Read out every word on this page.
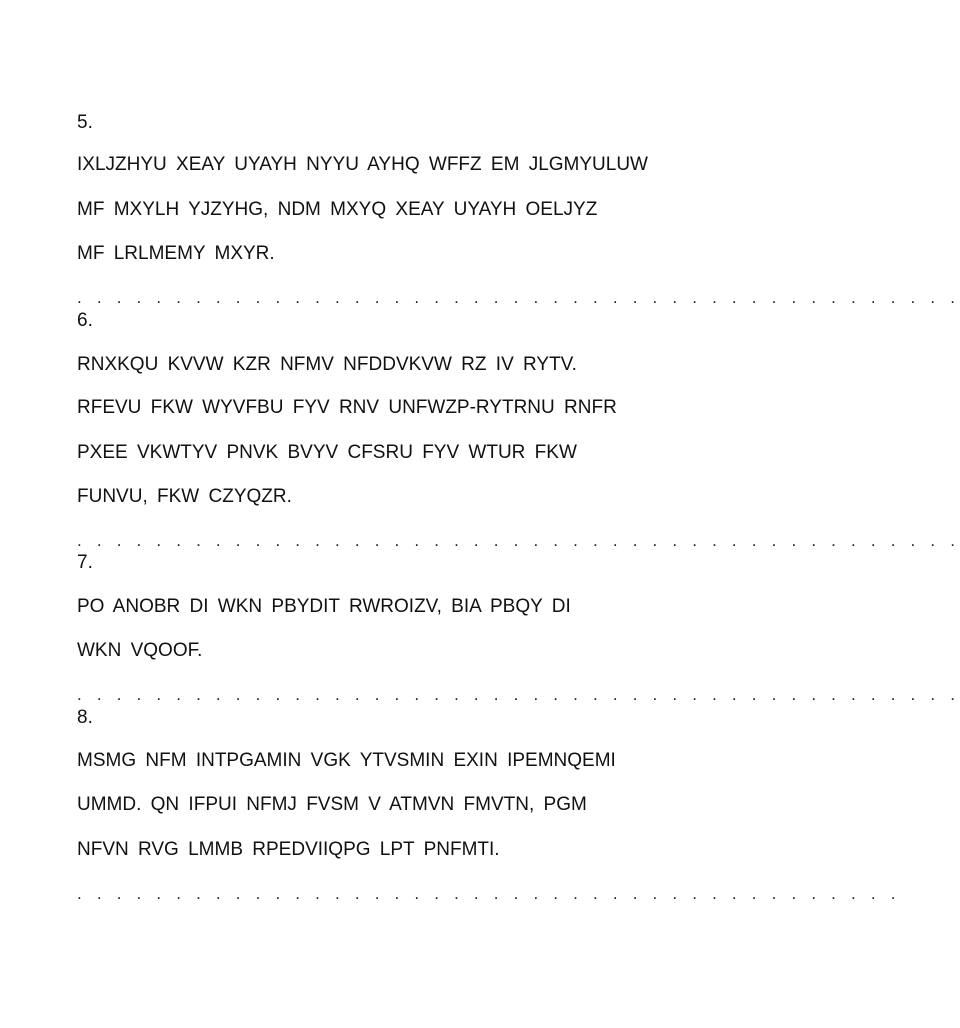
5.
IXLJZHYU XEAY UYAYH NYYU AYHQ WFFZ EM JLGMYULUW
MF MXYLH YJZYHG, NDM MXYQ XEAY UYAYH OELJYZ
MF LRLMEMY MXYR.
. . . . . . . . . . . . . . . . . . . . . . . . . . . . . . . . . . . . . . . . . . . . .
6.
RNXKQU KVVW KZR NFMV NFDDVKVW RZ IV RYTV.
RFEVU FKW WYVFBU FYV RNV UNFWZP-RYTRNU RNFR
PXEE VKWTYV PNVK BVYV CFSRU FYV WTUR FKW
FUNVU, FKW CZYQZR.
. . . . . . . . . . . . . . . . . . . . . . . . . . . . . . . . . . . . . . . . . . . . .
7.
PO ANOBR DI WKN PBYDIT RWROIZV, BIA PBQY DI
WKN VQOOF.
. . . . . . . . . . . . . . . . . . . . . . . . . . . . . . . . . . . . . . . . . . . . .
8.
MSMG NFM INTPGAMIN VGK YTVSMIN EXIN IPEMNQEMI
UMMD. QN IFPUI NFMJ FVSM V ATMVN FMVTN, PGM
NFVN RVG LMMB RPEDVIIQPG LPT PNFMTI.
. . . . . . . . . . . . . . . . . . . . . . . . . . . . . . . . . . . . . . . . . .
